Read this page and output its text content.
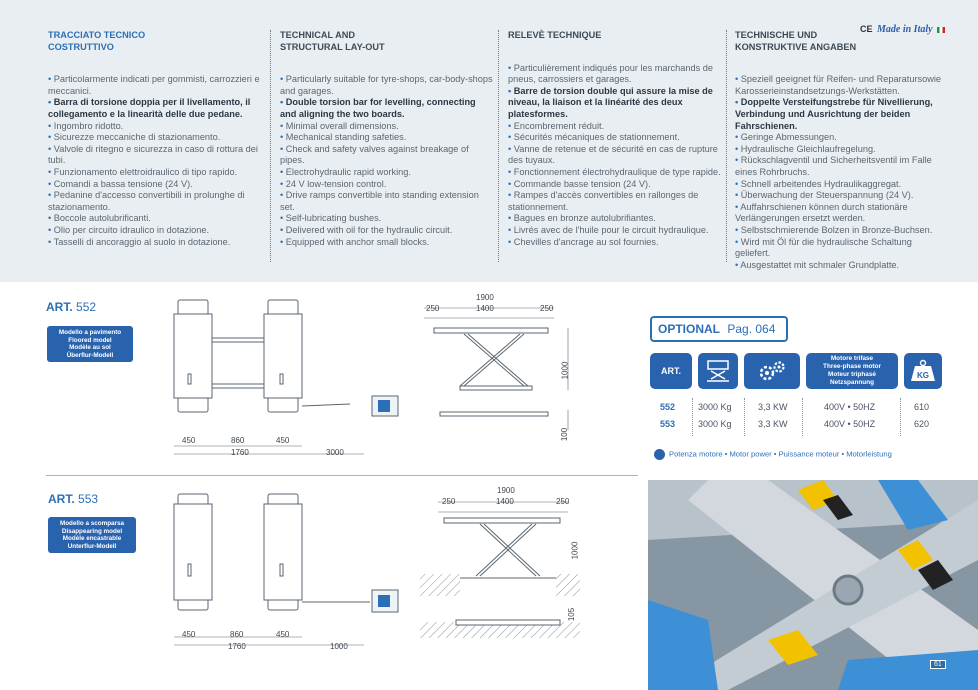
TRACCIATO TECNICO
COSTRUTTIVO
• Particolarmente indicati per gommisti, carrozzieri e meccanici.
• Barra di torsione doppia per il livellamento, il collegamento e la linearità delle due pedane.
• Ingombro ridotto.
• Sicurezze meccaniche di stazionamento.
• Valvole di ritegno e sicurezza in caso di rottura dei tubi.
• Funzionamento elettroidraulico di tipo rapido.
• Comandi a bassa tensione (24 V).
• Pedanine d'accesso convertibili in prolunghe di stazionamento.
• Boccole autolubrificanti.
• Olio per circuito idraulico in dotazione.
• Tasselli di ancoraggio al suolo in dotazione.
TECHNICAL AND
STRUCTURAL LAY-OUT
• Particularly suitable for tyre-shops, car-body-shops and garages.
• Double torsion bar for levelling, connecting and aligning the two boards.
• Minimal overall dimensions.
• Mechanical standing safeties.
• Check and safety valves against breakage of pipes.
• Electrohydraulic rapid working.
• 24 V low-tension control.
• Drive ramps convertible into standing extension set.
• Self-lubricating bushes.
• Delivered with oil for the hydraulic circuit.
• Equipped with anchor small blocks.
RELEVÈ TECHNIQUE
• Particulièrement indiqués pour les marchands de pneus, carrossiers et garages.
• Barre de torsion double qui assure la mise de niveau, la liaison et la linéarité des deux platesformes.
• Encombrement réduit.
• Sécurités mécaniques de stationnement.
• Vanne de retenue et de sécurité en cas de rupture des tuyaux.
• Fonctionnement électrohydraulique de type rapide.
• Commande basse tension (24 V).
• Rampes d'accès convertibles en rallonges de stationnement.
• Bagues en bronze autolubrifiantes.
• Livrés avec de l'huile pour le circuit hydraulique.
• Chevilles d'ancrage au sol fournies.
TECHNISCHE UND
KONSTRUKTIVE ANGABEN
• Speziell geeignet für Reifen- und Reparatursowie Karosserieinstandsetzungs-Werkstätten.
• Doppelte Versteifungstrebe für Nivellierung, Verbindung und Ausrichtung der beiden Fahrschienen.
• Geringe Abmessungen.
• Hydraulische Gleichlaufregelung.
• Rückschlagventil und Sicherheitsventil im Falle eines Rohrbruchs.
• Schnell arbeitendes Hydraulikaggregat.
• Überwachung der Steuerspannung (24 V).
• Auffahrschienen können durch stationäre Verlängerungen ersetzt werden.
• Selbstschmierende Bolzen in Bronze-Buchsen.
• Wird mit Öl für die hydraulische Schaltung geliefert.
• Ausgestattet mit schmaler Grundplatte.
CE Made in Italy
ART. 552
Modello a pavimento
Floored model
Modèle au sol
Überflur-Modell
450	860	450
1760	3000
1900
250	1400	250
1000
100
ART. 553
Modello a scomparsa
Disappearing model
Modèle encastrable
Unterflur-Modell
450	860	450
1760	1000
1900
250	1400	250
1000
105
OPTIONAL Pag. 064
ART.
Motore trifase
Three-phase motor
Moteur triphasé
Netzspannung
KG
552	3000 Kg	3,3 KW	400V • 50HZ	610
553	3000 Kg	3,3 KW	400V • 50HZ	620
Potenza motore • Motor power • Puissance moteur • Motorleistung
61
